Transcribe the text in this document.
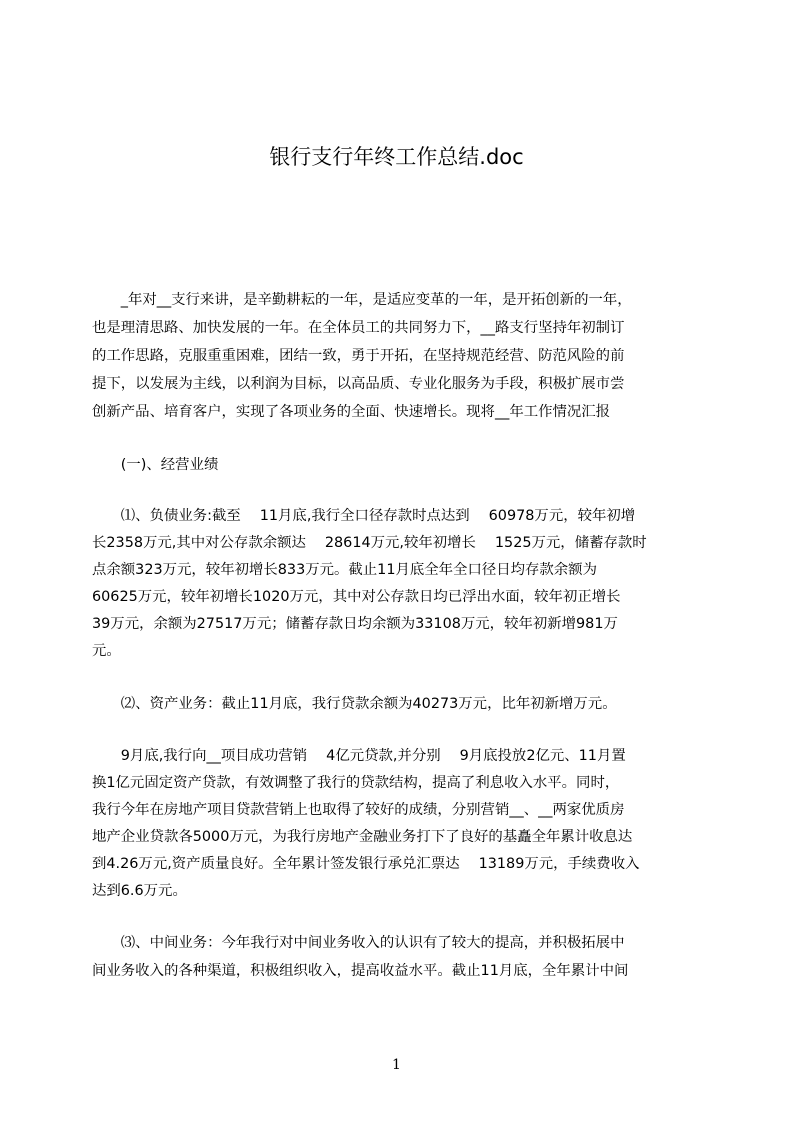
银行支行年终工作总结.doc
　　_年对__支行来讲，是辛勤耕耘的一年，是适应变革的一年，是开拓创新的一年，
也是理清思路、加快发展的一年。在全体员工的共同努力下，__路支行坚持年初制订
的工作思路，克服重重困难，团结一致，勇于开拓，在坚持规范经营、防范风险的前
提下，以发展为主线，以利润为目标，以高品质、专业化服务为手段，积极扩展市尝
创新产品、培育客户，实现了各项业务的全面、快速增长。现将__年工作情况汇报
　　(一)、经营业绩
　　⑴、负债业务:截至　 11月底,我行全口径存款时点达到　 60978万元，较年初增
长2358万元,其中对公存款余额达　 28614万元,较年初增长　 1525万元，储蓄存款时
点余额323万元，较年初增长833万元。截止11月底全年全口径日均存款余额为
60625万元，较年初增长1020万元，其中对公存款日均已浮出水面，较年初正增长
39万元，余额为27517万元；储蓄存款日均余额为33108万元，较年初新增981万
元。
　　⑵、资产业务：截止11月底，我行贷款余额为40273万元，比年初新增万元。
　　9月底,我行向__项目成功营销　 4亿元贷款,并分别　 9月底投放2亿元、11月置
换1亿元固定资产贷款，有效调整了我行的贷款结构，提高了利息收入水平。同时，
我行今年在房地产项目贷款营销上也取得了较好的成绩，分别营销__、__两家优质房
地产企业贷款各5000万元，为我行房地产金融业务打下了良好的基矗全年累计收息达
到4.26万元,资产质量良好。全年累计签发银行承兑汇票达　 13189万元，手续费收入
达到6.6万元。
　　⑶、中间业务：今年我行对中间业务收入的认识有了较大的提高，并积极拓展中
间业务收入的各种渠道，积极组织收入，提高收益水平。截止11月底，全年累计中间
1
